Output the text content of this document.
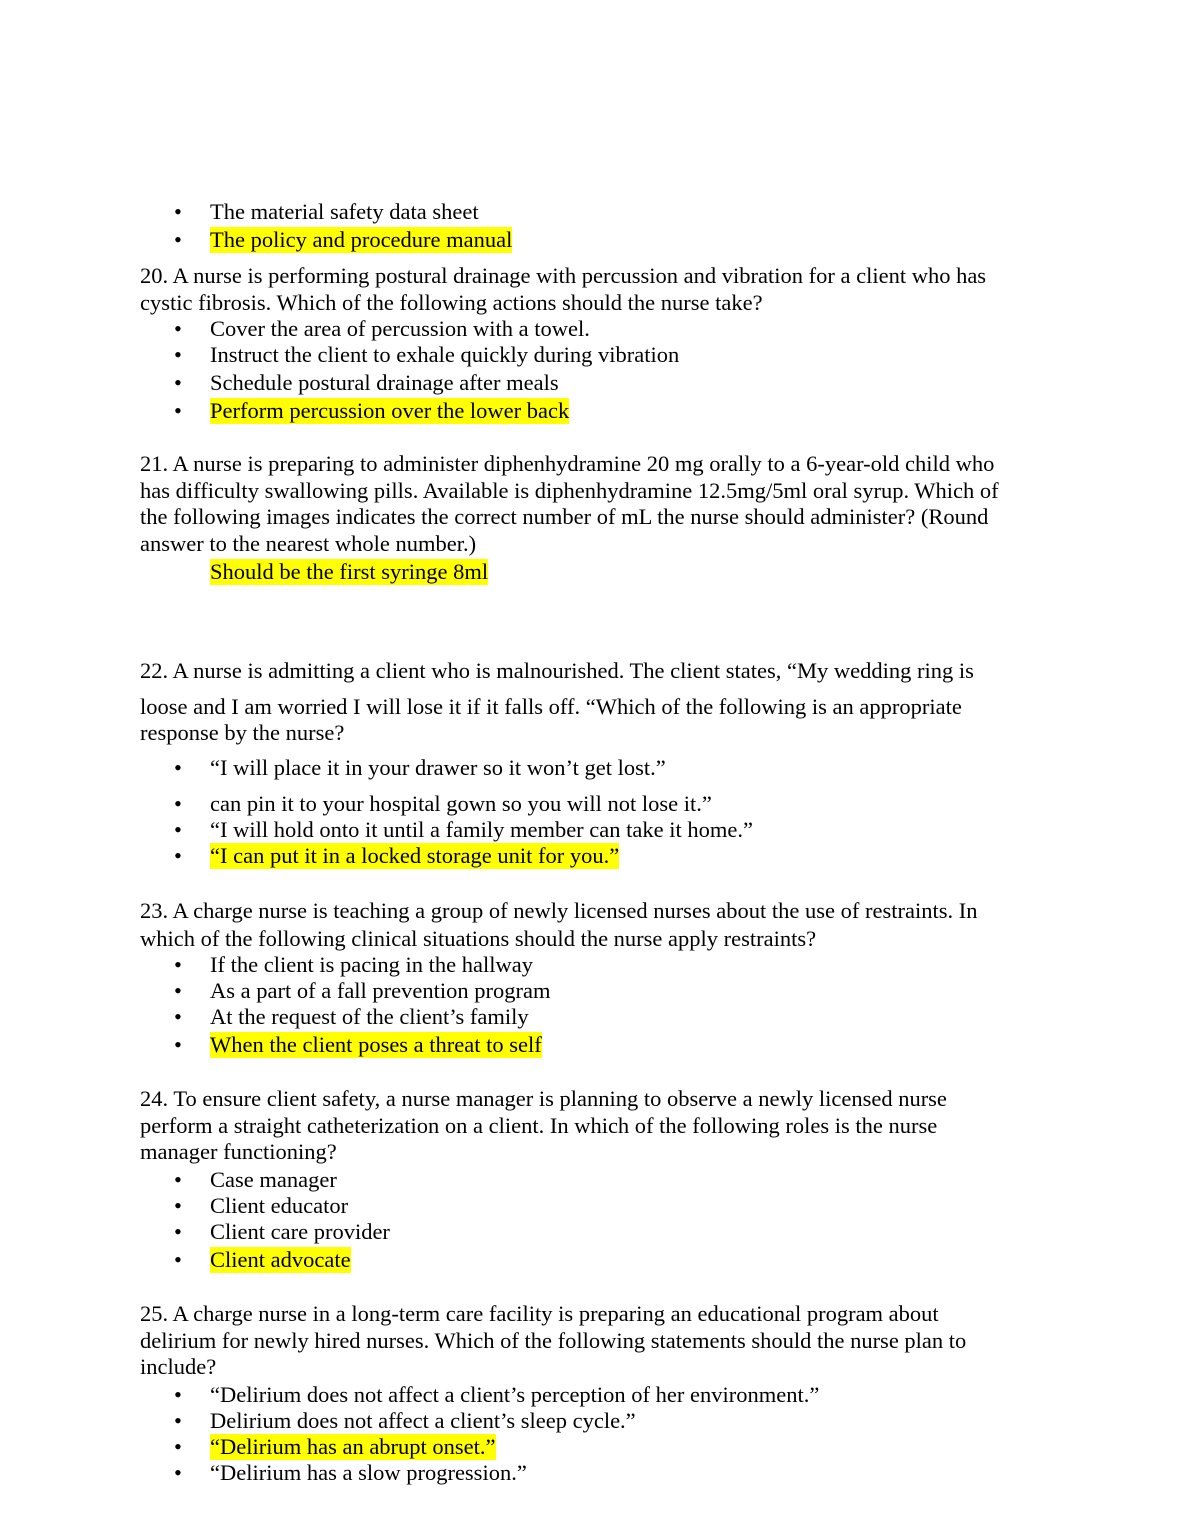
• The material safety data sheet
• The policy and procedure manual
20. A nurse is performing postural drainage with percussion and vibration for a client who has
cystic fibrosis. Which of the following actions should the nurse take?
• Cover the area of percussion with a towel.
• Instruct the client to exhale quickly during vibration
• Schedule postural drainage after meals
• Perform percussion over the lower back
21. A nurse is preparing to administer diphenhydramine 20 mg orally to a 6-year-old child who
has difficulty swallowing pills. Available is diphenhydramine 12.5mg/5ml oral syrup. Which of
the following images indicates the correct number of mL the nurse should administer? (Round
answer to the nearest whole number.)
Should be the first syringe 8ml
22. A nurse is admitting a client who is malnourished. The client states, “My wedding ring is
loose and I am worried I will lose it if it falls off. “Which of the following is an appropriate
response by the nurse?
• “I will place it in your drawer so it won’t get lost.”
• can pin it to your hospital gown so you will not lose it.”
• “I will hold onto it until a family member can take it home.”
• “I can put it in a locked storage unit for you.”
23. A charge nurse is teaching a group of newly licensed nurses about the use of restraints. In
which of the following clinical situations should the nurse apply restraints?
• If the client is pacing in the hallway
• As a part of a fall prevention program
• At the request of the client’s family
• When the client poses a threat to self
24. To ensure client safety, a nurse manager is planning to observe a newly licensed nurse
perform a straight catheterization on a client. In which of the following roles is the nurse
manager functioning?
• Case manager
• Client educator
• Client care provider
• Client advocate
25. A charge nurse in a long-term care facility is preparing an educational program about
delirium for newly hired nurses. Which of the following statements should the nurse plan to
include?
• “Delirium does not affect a client’s perception of her environment.”
• Delirium does not affect a client’s sleep cycle.”
• “Delirium has an abrupt onset.”
• “Delirium has a slow progression.”
